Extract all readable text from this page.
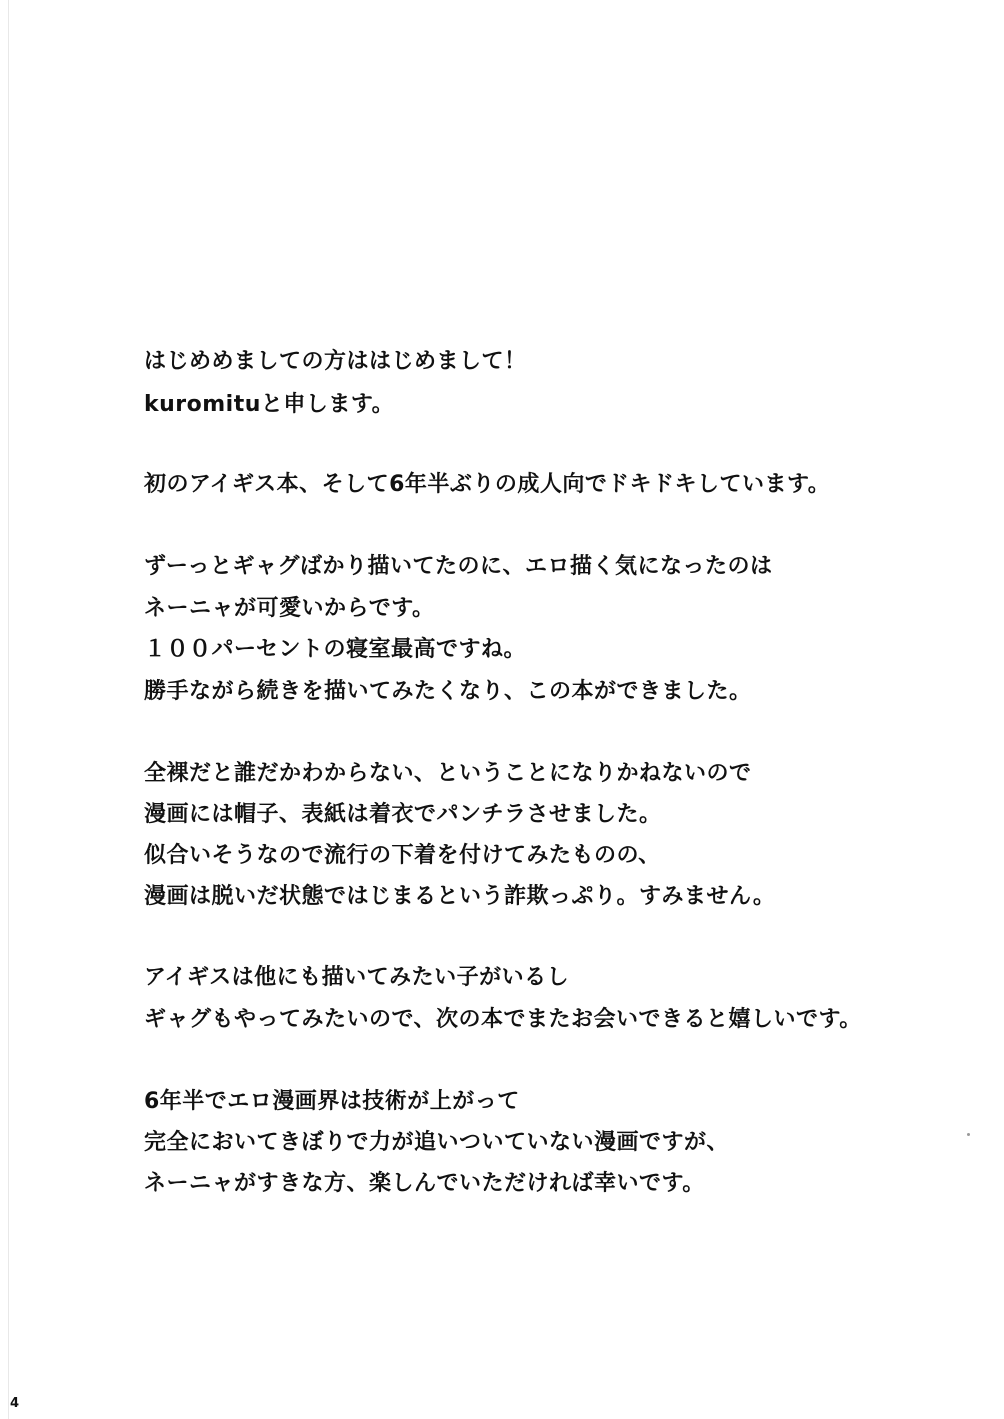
はじめめましての方ははじめまして！
kuromituと申します。
初のアイギス本、そして6年半ぶりの成人向でドキドキしています。
ずーっとギャグばかり描いてたのに、エロ描く気になったのは
ネーニャが可愛いからです。
１００パーセントの寝室最高ですね。
勝手ながら続きを描いてみたくなり、この本ができました。
全裸だと誰だかわからない、ということになりかねないので
漫画には帽子、表紙は着衣でパンチラさせました。
似合いそうなので流行の下着を付けてみたものの、
漫画は脱いだ状態ではじまるという詐欺っぷり。すみません。
アイギスは他にも描いてみたい子がいるし
ギャグもやってみたいので、次の本でまたお会いできると嬉しいです。
6年半でエロ漫画界は技術が上がって
完全においてきぼりで力が追いついていない漫画ですが、
ネーニャがすきな方、楽しんでいただければ幸いです。
4
